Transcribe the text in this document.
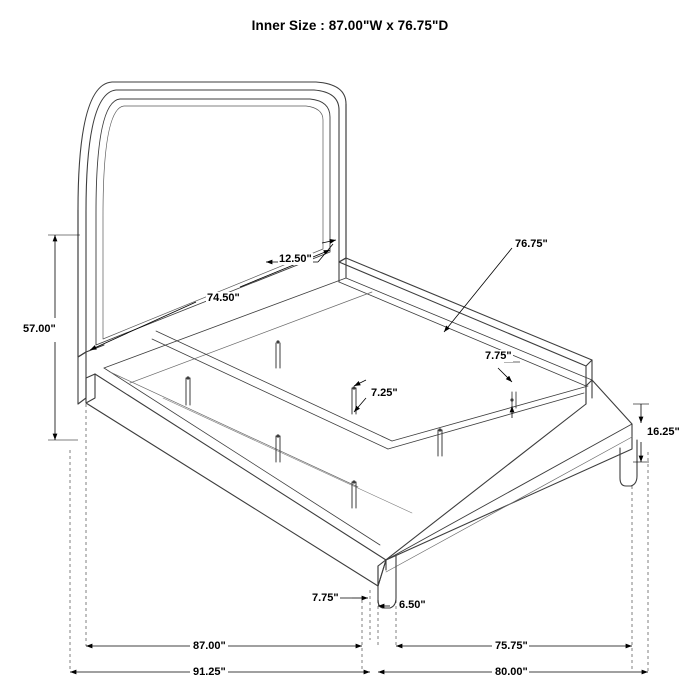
Inner Size : 87.00"W x 76.75"D
57.00"
12.50"
74.50"
76.75"
7.75"
7.25"
16.25"
7.75"
6.50"
87.00"	75.75"
91.25"	80.00"
